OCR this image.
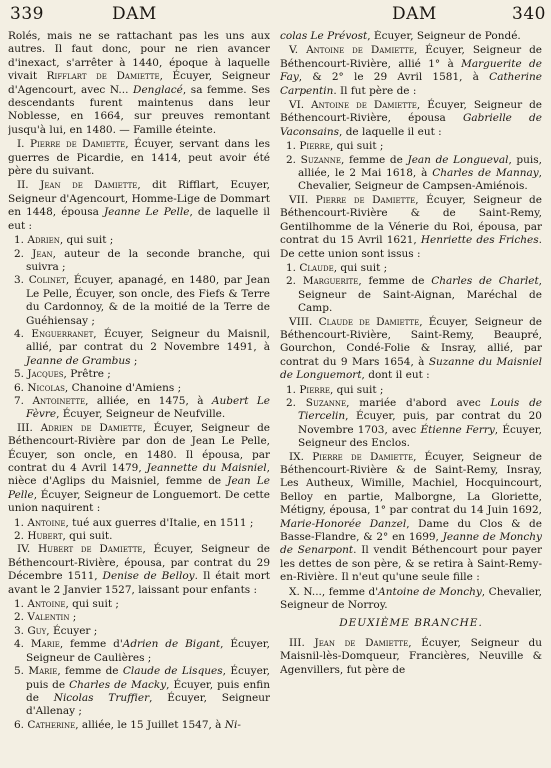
339	DAM	DAM	340

Rolés, mais ne se rattachant pas les uns aux autres. Il faut donc, pour ne rien avancer d'inexact, s'arrêter à 1440, époque à laquelle vivait Rifflart de Damiette, Écuyer, Seigneur d'Agencourt, avec N... Denglacé, sa femme. Ses descendants furent maintenus dans leur Noblesse, en 1664, sur preuves remontant jusqu'à lui, en 1480. — Famille éteinte.

I. Pierre de Damiette, Écuyer, servant dans les guerres de Picardie, en 1414, peut avoir été père du suivant.

II. Jean de Damiette, dit Rifflart, Ecuyer, Seigneur d'Agencourt, Homme-Lige de Dommart en 1448, épousa Jeanne Le Pelle, de laquelle il eut :

1. Adrien, qui suit ;

2. Jean, auteur de la seconde branche, qui suivra ;

3. Colinet, Écuyer, apanagé, en 1480, par Jean Le Pelle, Écuyer, son oncle, des Fiefs & Terre du Cardonnoy, & de la moitié de la Terre de Guéhiensay ;

4. Enguerranet, Écuyer, Seigneur du Maisnil, allié, par contrat du 2 Novembre 1491, à Jeanne de Grambus ;

5. Jacques, Prêtre ;

6. Nicolas, Chanoine d'Amiens ;

7. Antoinette, alliée, en 1475, à Aubert Le Fèvre, Écuyer, Seigneur de Neufville.

III. Adrien de Damiette, Écuyer, Seigneur de Béthencourt-Rivière par don de Jean Le Pelle, Écuyer, son oncle, en 1480. Il épousa, par contrat du 4 Avril 1479, Jeannette du Maisniel, nièce d'Aglips du Maisniel, femme de Jean Le Pelle, Écuyer, Seigneur de Longuemort. De cette union naquirent :

1. Antoine, tué aux guerres d'Italie, en 1511 ;

2. Hubert, qui suit.

IV. Hubert de Damiette, Écuyer, Seigneur de Béthencourt-Rivière, épousa, par contrat du 29 Décembre 1511, Denise de Belloy. Il était mort avant le 2 Janvier 1527, laissant pour enfants :

1. Antoine, qui suit ;

2. Valentin ;

3. Guy, Écuyer ;

4. Marie, femme d'Adrien de Bigant, Écuyer, Seigneur de Caulières ;

5. Marie, femme de Claude de Lisques, Écuyer, puis de Charles de Macky, Écuyer, puis enfin de Nicolas Truffier, Écuyer, Seigneur d'Allenay ;

6. Catherine, alliée, le 15 Juillet 1547, à Ni-

colas Le Prévost, Écuyer, Seigneur de Pondé.

V. Antoine de Damiette, Écuyer, Seigneur de Béthencourt-Rivière, allié 1° à Marguerite de Fay, & 2° le 29 Avril 1581, à Catherine Carpentin. Il fut père de :

VI. Antoine de Damiette, Écuyer, Seigneur de Béthencourt-Rivière, épousa Gabrielle de Vaconsains, de laquelle il eut :

1. Pierre, qui suit ;

2. Suzanne, femme de Jean de Longueval, puis, alliée, le 2 Mai 1618, à Charles de Mannay, Chevalier, Seigneur de Campsen-Amiénois.

VII. Pierre de Damiette, Écuyer, Seigneur de Béthencourt-Rivière & de Saint-Remy, Gentilhomme de la Vénerie du Roi, épousa, par contrat du 15 Avril 1621, Henriette des Friches. De cette union sont issus :

1. Claude, qui suit ;

2. Marguerite, femme de Charles de Charlet, Seigneur de Saint-Aignan, Maréchal de Camp.

VIII. Claude de Damiette, Écuyer, Seigneur de Béthencourt-Rivière, Saint-Remy, Beaupré, Gourchon, Condé-Folie & Insray, allié, par contrat du 9 Mars 1654, à Suzanne du Maisniel de Longuemort, dont il eut :

1. Pierre, qui suit ;

2. Suzanne, mariée d'abord avec Louis de Tiercelin, Écuyer, puis, par contrat du 20 Novembre 1703, avec Étienne Ferry, Écuyer, Seigneur des Enclos.

IX. Pierre de Damiette, Écuyer, Seigneur de Béthencourt-Rivière & de Saint-Remy, Insray, Les Autheux, Wimille, Machiel, Hocquincourt, Belloy en partie, Malborgne, La Gloriette, Métigny, épousa, 1° par contrat du 14 Juin 1692, Marie-Honorée Danzel, Dame du Clos & de Basse-Flandre, & 2° en 1699, Jeanne de Monchy de Senarpont. Il vendit Béthencourt pour payer les dettes de son père, & se retira à Saint-Remy-en-Rivière. Il n'eut qu'une seule fille :

X. N..., femme d'Antoine de Monchy, Chevalier, Seigneur de Norroy.

DEUXIÈME BRANCHE.

III. Jean de Damiette, Écuyer, Seigneur du Maisnil-lès-Domqueur, Francières, Neuville & Agenvillers, fut père de
